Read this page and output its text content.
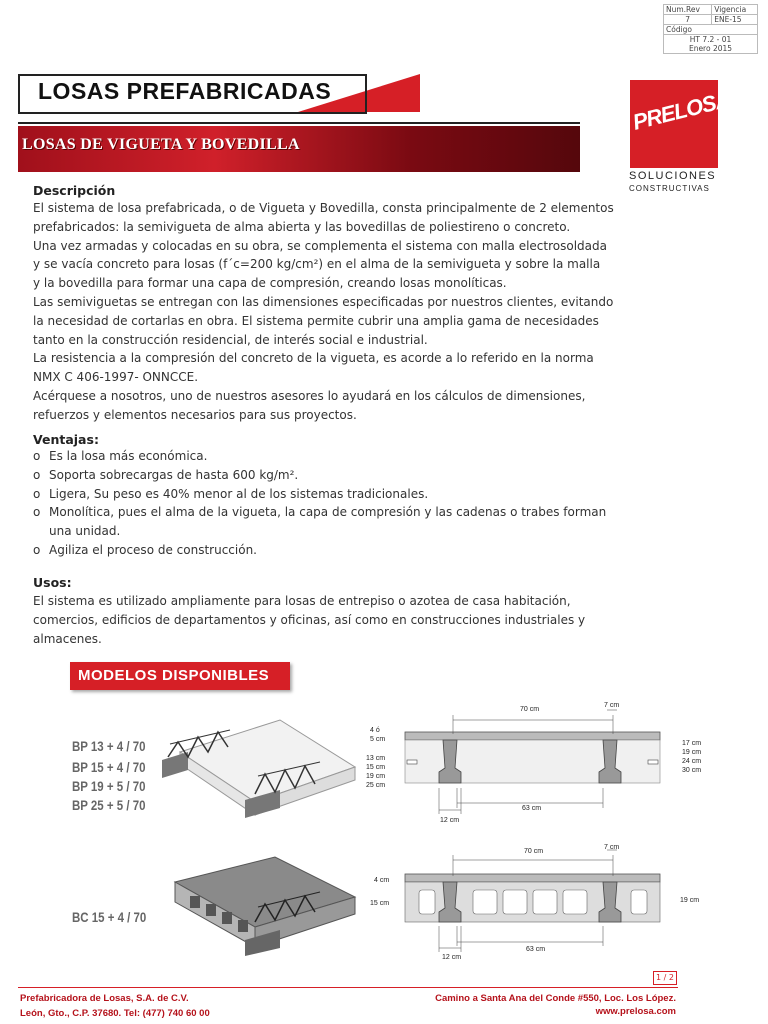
Num.Rev	Vigencia
7	ENE-15
Código	
HT 7.2 - 01	
Enero 2015	
LOSAS PREFABRICADAS
LOSAS DE VIGUETA Y BOVEDILLA
PRELOSA
SOLUCIONES
CONSTRUCTIVAS
Descripción
El sistema de losa prefabricada, o de Vigueta y Bovedilla, consta principalmente de 2 elementos
prefabricados: la semivigueta de alma abierta y las bovedillas de poliestireno o concreto.
Una vez armadas y colocadas en su obra, se complementa el sistema con malla electrosoldada
y se vacía concreto para losas (f´c=200 kg/cm²) en el alma de la semivigueta y sobre la malla
y la bovedilla para formar una capa de compresión, creando losas monolíticas.
Las semiviguetas se entregan con las dimensiones especificadas por nuestros clientes, evitando
la necesidad de cortarlas en obra. El sistema permite cubrir una amplia gama de necesidades
tanto en la construcción residencial, de interés social e industrial.
La resistencia a la compresión del concreto de la vigueta, es acorde a lo referido en la norma
NMX C 406-1997- ONNCCE.
Acérquese a nosotros, uno de nuestros asesores lo ayudará en los cálculos de dimensiones,
refuerzos y elementos necesarios para sus proyectos.
Ventajas:
o Es la losa más económica.
o Soporta sobrecargas de hasta 600 kg/m².
o Ligera, Su peso es 40% menor al de los sistemas tradicionales.
o Monolítica, pues el alma de la vigueta, la capa de compresión y las cadenas o trabes forman
una unidad.
o Agiliza el proceso de construcción.
Usos:
El sistema es utilizado ampliamente para losas de entrepiso o azotea de casa habitación,
comercios, edificios de departamentos y oficinas, así como en construcciones industriales y
almacenes.
MODELOS DISPONIBLES
BP 13 + 4 / 70
BP 15 + 4 / 70
BP 19 + 5 / 70
BP 25 + 5 / 70
BC 15 + 4 / 70
70 cm
7 cm
4 ó
5 cm
13 cm
15 cm
19 cm
25 cm
17 cm
19 cm
24 cm
30 cm
63 cm
12 cm
70 cm
7 cm
4 cm
15 cm	19 cm
63 cm
12 cm
1 / 2
Prefabricadora de Losas, S.A. de C.V.
León, Gto., C.P. 37680. Tel: (477) 740 60 00
Camino a Santa Ana del Conde #550, Loc. Los López.
www.prelosa.com
